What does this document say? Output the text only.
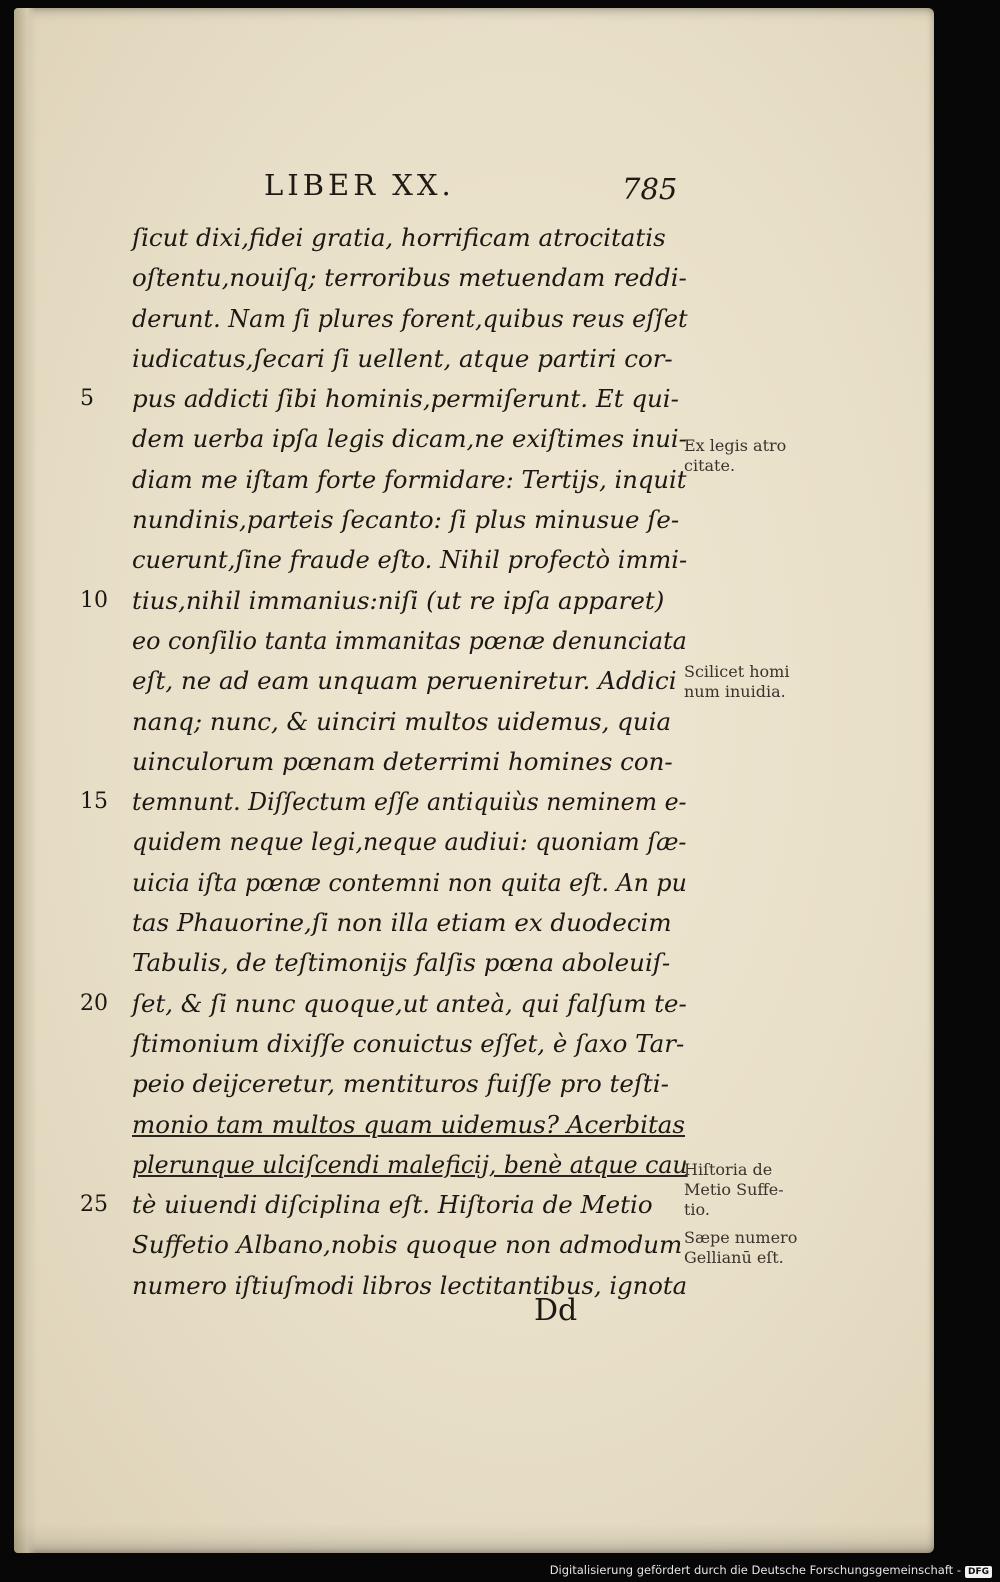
LIBER XX.	785
5
10
15
20
25
ſicut dixi,fidei gratia, horrificam atrocitatis
oſtentu,nouiſq; terroribus metuendam reddi-
derunt. Nam ſi plures forent,quibus reus eſſet
iudicatus,ſecari ſi uellent, atque partiri cor-
pus addicti ſibi hominis,permiſerunt. Et qui-
dem uerba ipſa legis dicam,ne exiſtimes inui-
diam me iſtam forte formidare: Tertijs, inquit
nundinis,parteis ſecanto: ſi plus minusue ſe-
cuerunt,ſine fraude eſto. Nihil profectò immi-
tius,nihil immanius:niſi (ut re ipſa apparet)
eo conſilio tanta immanitas pœnæ denunciata
eſt, ne ad eam unquam perueniretur. Addici
nanq; nunc, & uinciri multos uidemus, quia
uinculorum pœnam deterrimi homines con-
temnunt. Diſſectum eſſe antiquiùs neminem e-
quidem neque legi,neque audiui: quoniam ſæ-
uicia iſta pœnæ contemni non quita eſt. An pu
tas Phauorine,ſi non illa etiam ex duodecim
Tabulis, de teſtimonijs falſis pœna aboleuiſ-
ſet, & ſi nunc quoque,ut anteà, qui falſum te-
ſtimonium dixiſſe conuictus eſſet, è ſaxo Tar-
peio deijceretur, mentituros fuiſſe pro teſti-
monio tam multos quam uidemus? Acerbitas
plerunque ulciſcendi maleficij, benè atque cau
tè uiuendi diſciplina eſt. Hiſtoria de Metio
Suffetio Albano,nobis quoque non admodum
numero iſtiuſmodi libros lectitantibus, ignota
Ex legis atro
citate.
Scilicet homi
num inuidia.
Hiſtoria de
Metio Suffe-
tio.
Sæpe numero
Gellianū eſt.
Dd
Digitalisierung gefördert durch die Deutsche Forschungsgemeinschaft - DFG
